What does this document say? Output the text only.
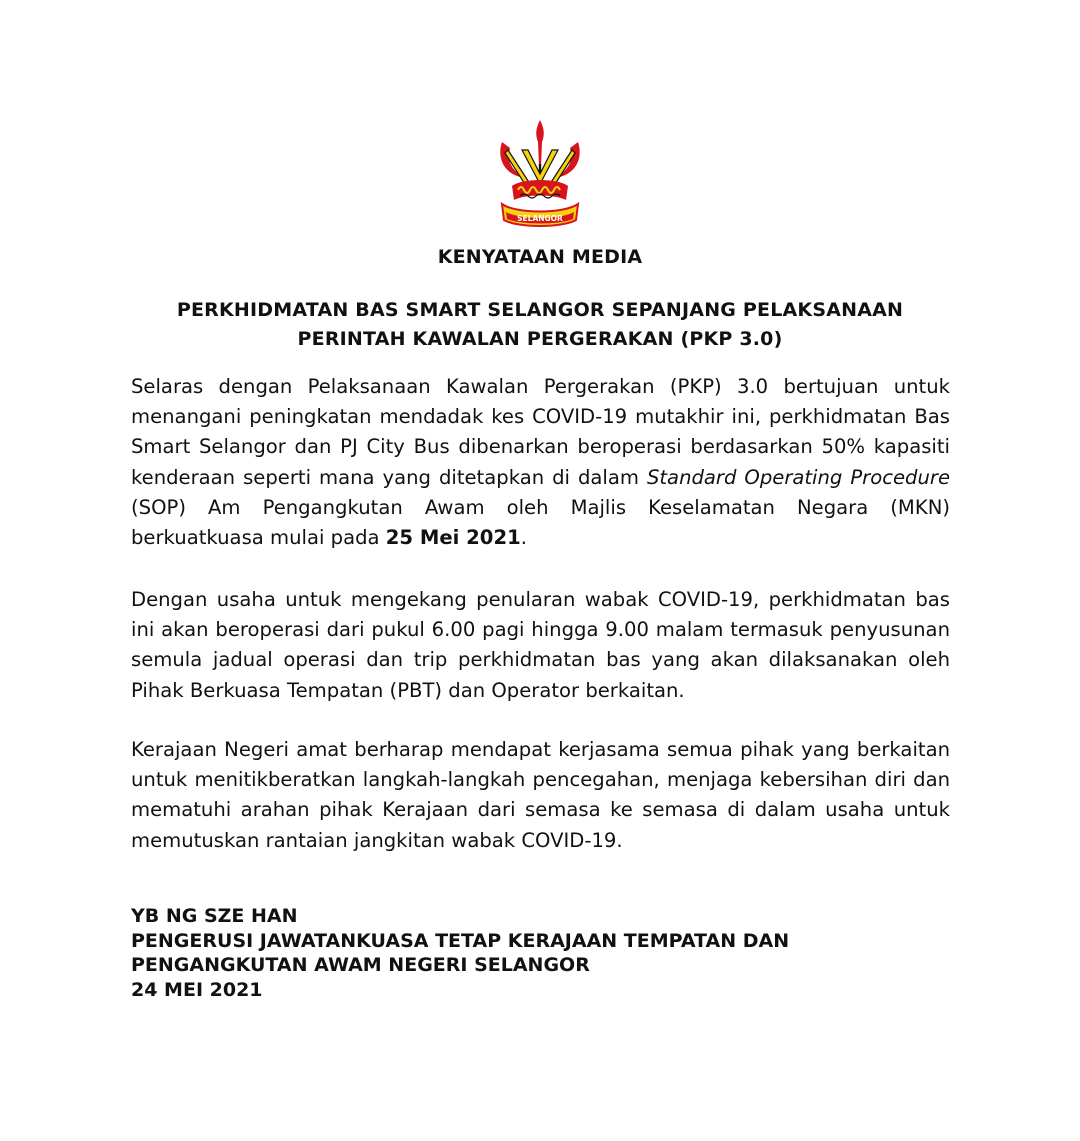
SELANGOR
KENYATAAN MEDIA
PERKHIDMATAN BAS SMART SELANGOR SEPANJANG PELAKSANAAN
PERINTAH KAWALAN PERGERAKAN (PKP 3.0)

Selaras dengan Pelaksanaan Kawalan Pergerakan (PKP) 3.0 bertujuan untuk menangani peningkatan mendadak kes COVID-19 mutakhir ini, perkhidmatan Bas Smart Selangor dan PJ City Bus dibenarkan beroperasi berdasarkan 50% kapasiti kenderaan seperti mana yang ditetapkan di dalam Standard Operating Procedure (SOP) Am Pengangkutan Awam oleh Majlis Keselamatan Negara (MKN) berkuatkuasa mulai pada 25 Mei 2021.

Dengan usaha untuk mengekang penularan wabak COVID-19, perkhidmatan bas ini akan beroperasi dari pukul 6.00 pagi hingga 9.00 malam termasuk penyusunan semula jadual operasi dan trip perkhidmatan bas yang akan dilaksanakan oleh Pihak Berkuasa Tempatan (PBT) dan Operator berkaitan.

Kerajaan Negeri amat berharap mendapat kerjasama semua pihak yang berkaitan untuk menitikberatkan langkah-langkah pencegahan, menjaga kebersihan diri dan mematuhi arahan pihak Kerajaan dari semasa ke semasa di dalam usaha untuk memutuskan rantaian jangkitan wabak COVID-19.

YB NG SZE HAN
PENGERUSI JAWATANKUASA TETAP KERAJAAN TEMPATAN DAN
PENGANGKUTAN AWAM NEGERI SELANGOR
24 MEI 2021
